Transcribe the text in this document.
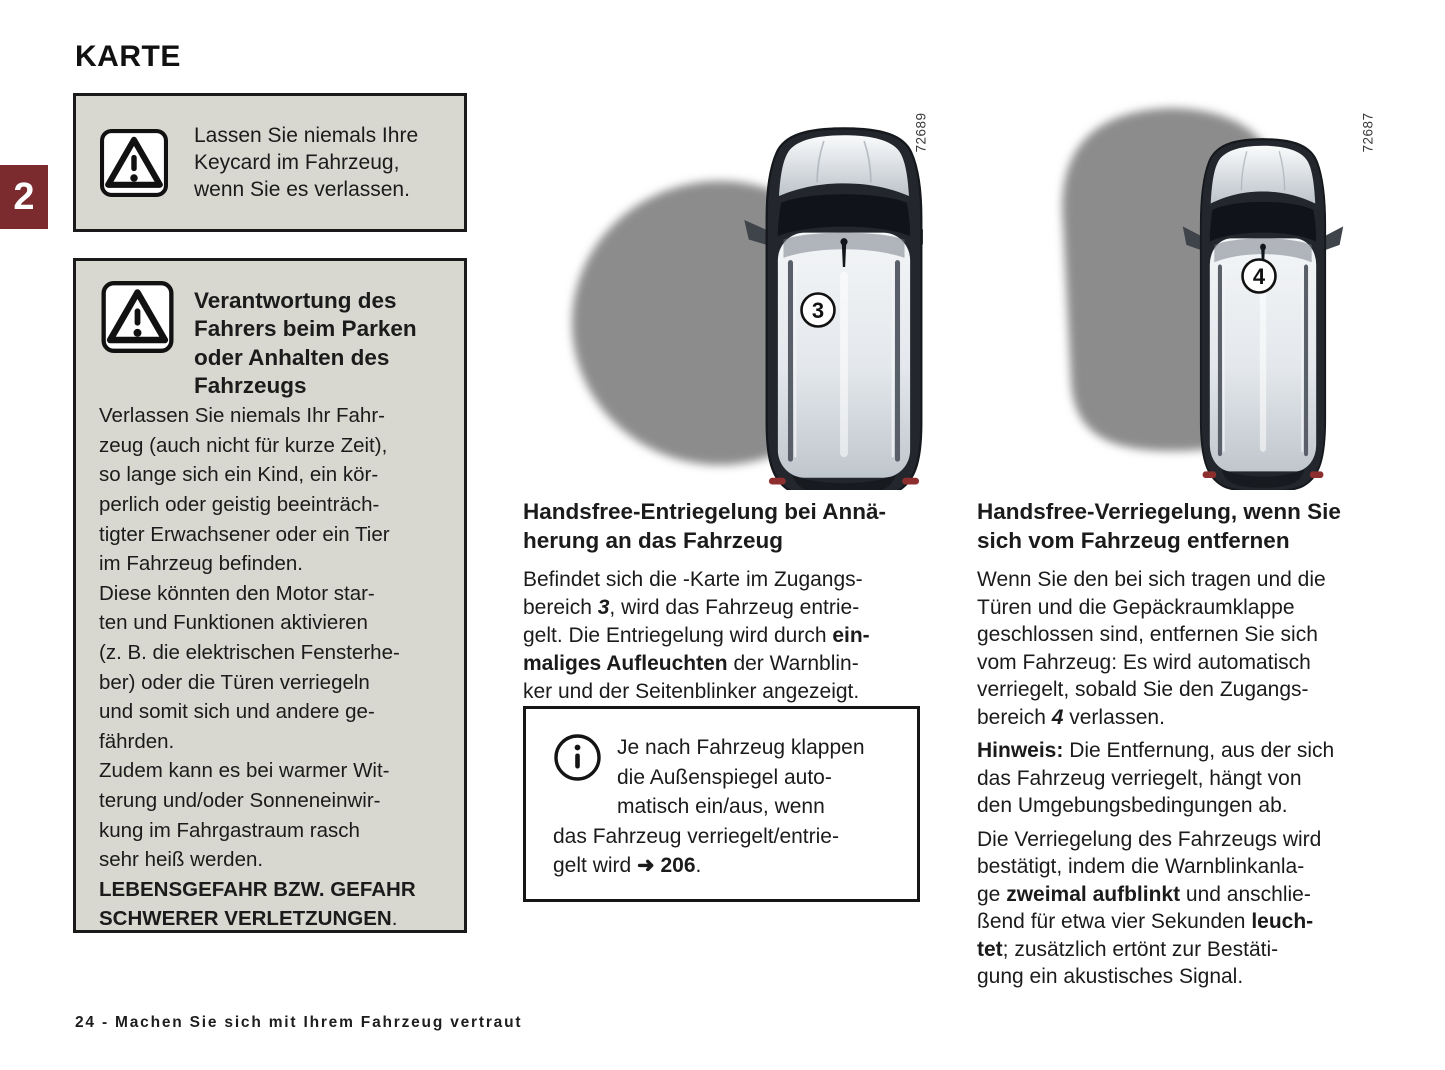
KARTE
2
Lassen Sie niemals Ihre
Keycard im Fahrzeug,
wenn Sie es verlassen.
Verantwortung des
Fahrers beim Parken
oder Anhalten des
Fahrzeugs
Verlassen Sie niemals Ihr Fahr-
zeug (auch nicht für kurze Zeit),
so lange sich ein Kind, ein kör-
perlich oder geistig beeinträch-
tigter Erwachsener oder ein Tier
im Fahrzeug befinden.
Diese könnten den Motor star-
ten und Funktionen aktivieren
(z. B. die elektrischen Fensterhe-
ber) oder die Türen verriegeln
und somit sich und andere ge-
fährden.
Zudem kann es bei warmer Wit-
terung und/oder Sonneneinwir-
kung im Fahrgastraum rasch
sehr heiß werden.
LEBENSGEFAHR BZW. GEFAHR
SCHWERER VERLETZUNGEN.
3
72689
4
72687
Handsfree-Entriegelung bei Annä-
herung an das Fahrzeug
Befindet sich die -Karte im Zugangs-
bereich 3, wird das Fahrzeug entrie-
gelt. Die Entriegelung wird durch ein-
maliges Aufleuchten der Warnblin-
ker und der Seitenblinker angezeigt.
Je nach Fahrzeug klappen
die Außenspiegel auto-
matisch ein/aus, wenn
das Fahrzeug verriegelt/entrie-
gelt wird ➜ 206.
Handsfree-Verriegelung, wenn Sie
sich vom Fahrzeug entfernen
Wenn Sie den bei sich tragen und die
Türen und die Gepäckraumklappe
geschlossen sind, entfernen Sie sich
vom Fahrzeug: Es wird automatisch
verriegelt, sobald Sie den Zugangs-
bereich 4 verlassen.
Hinweis: Die Entfernung, aus der sich
das Fahrzeug verriegelt, hängt von
den Umgebungsbedingungen ab.
Die Verriegelung des Fahrzeugs wird
bestätigt, indem die Warnblinkanla-
ge zweimal aufblinkt und anschlie-
ßend für etwa vier Sekunden leuch-
tet; zusätzlich ertönt zur Bestäti-
gung ein akustisches Signal.
24 - Machen Sie sich mit Ihrem Fahrzeug vertraut
